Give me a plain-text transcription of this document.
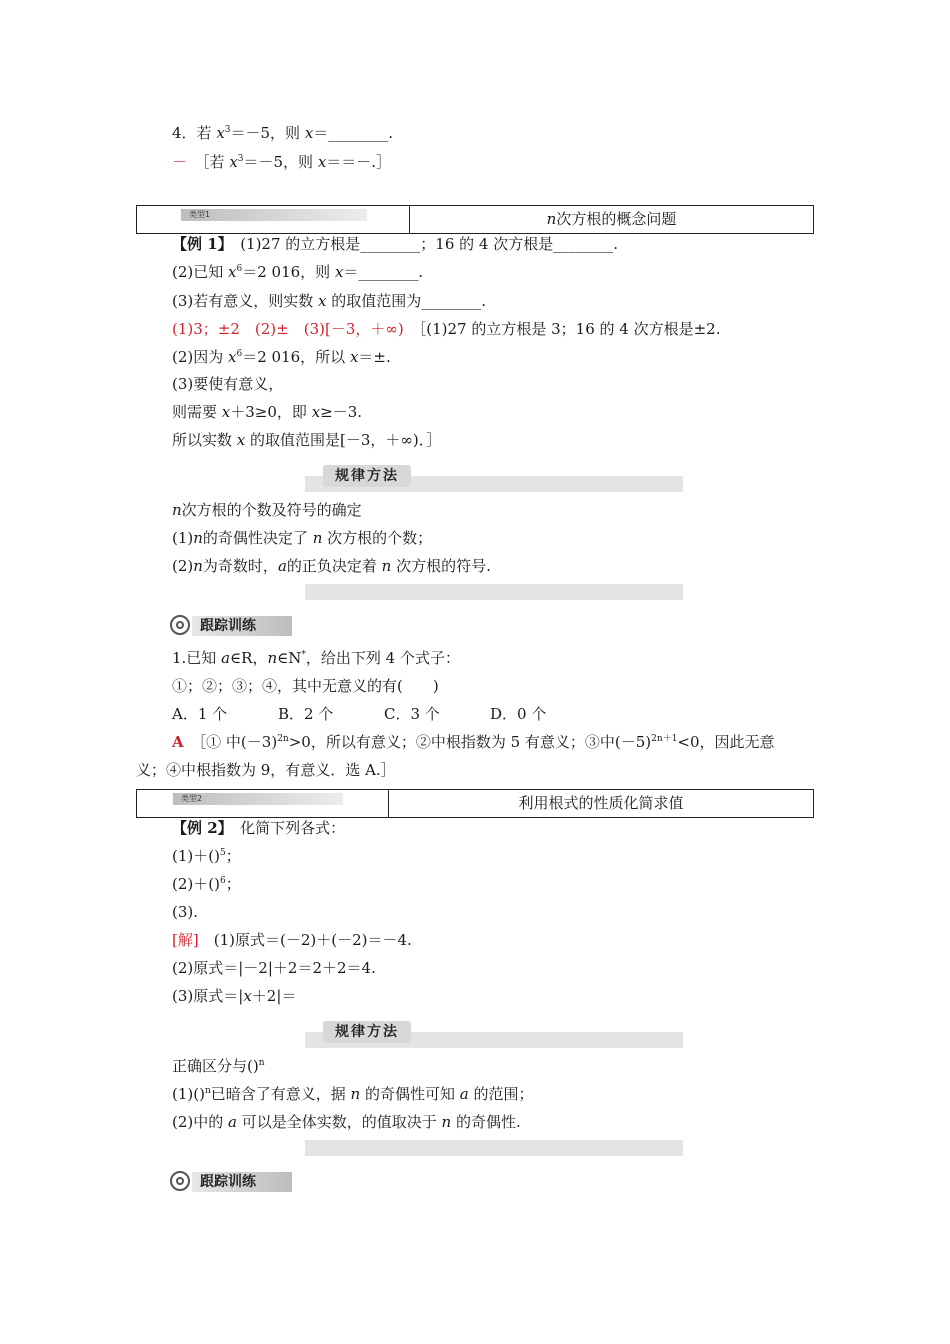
4．若 $x^3=-5$，则 x＝________.
－　 ［若 $x^3=-5$，则 x＝＝－.］
类型1	n次方根的概念问题
【例 1】　 (1)27 的立方根是________；16 的 4 次方根是________.
(2)已知 $x^6=2$ 016，则 x＝________.
(3)若有意义，则实数 x 的取值范围为________.
(1)3；±2　(2)±　(3)[－3，＋∞)　 ［(1)27 的立方根是 3；16 的 4 次方根是±2.
(2)因为 $x^6=2$ 016，所以 x＝±.
(3)要使有意义，
则需要 x＋3≥0，即 x≥－3.
所以实数 x 的取值范围是[－3，＋∞)．］
规律方法
n次方根的个数及符号的确定
(1)n的奇偶性决定了 n 次方根的个数；
(2)n为奇数时，a的正负决定着 n 次方根的符号.
跟踪训练
1.已知 a∈R，n∈N*，给出下列 4 个式子：
①；②；③；④，其中无意义的有(　　)
A．1 个	B．2 个	C．3 个	D．0 个
A　 ［① 中$(-3)^{2n}>0$，所以有意义；②中根指数为 5 有意义；③中$(-5)^{2n+1}<0$，因此无意
义；④中根指数为 9，有意义．选 A.］
类型2	利用根式的性质化简求值
【例 2】　化简下列各式：
(1)＋()$^5$；
(2)＋()$^6$；
(3).
[解]　(1)原式＝(－2)＋(－2)＝－4.
(2)原式＝|－2|＋2＝2＋2＝4.
(3)原式＝|x＋2|＝
规律方法
正确区分与()$^n$
(1)()$^n$已暗含了有意义，据 n 的奇偶性可知 a 的范围；
(2)中的 a 可以是全体实数，的值取决于 n 的奇偶性.
跟踪训练
